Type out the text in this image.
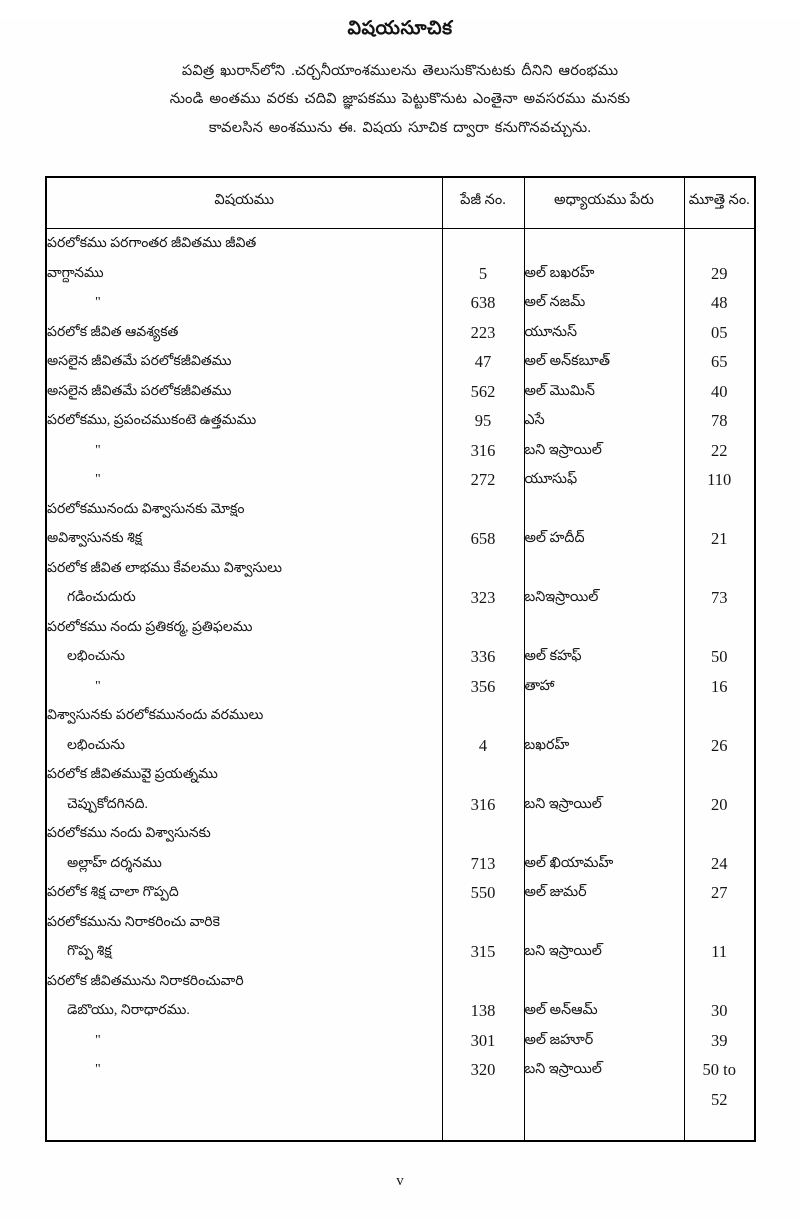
విషయసూచిక
పవిత్ర ఖురాన్‌లోని .చర్చనీయాంశములను తెలుసుకొనుటకు దీనిని ఆరంభము
నుండి అంతము వరకు చదివి జ్ఞాపకము పెట్టుకొనుట ఎంతైనా అవసరము మనకు
కావలసిన అంశమును ఈ. విషయ సూచిక ద్వారా కనుగొనవచ్చును.
విషయము	పేజీ నం.	అధ్యాయము పేరు	మూత్తె నం.

పరలోకము పరగాంతర జీవితము జీవిత
వాగ్దానము	5	అల్ బఖరహ్	29

"	638	అల్ నజమ్	48

పరలోక జీవిత ఆవశ్యకత	223	యూనుస్	05

అసలైన జీవితమే పరలోకజీవితము	47	అల్ అన్‌కబూత్	65

అసలైన జీవితమే పరలోకజీవితము	562	అల్ మొమిన్	40

పరలోకము, ప్రపంచముకంటె ఉత్తమము	95	ఎసే	78

"	316	బని ఇస్రాయిల్	22

"	272	యూసుఫ్	110

పరలోకమునందు విశ్వాసునకు మోక్షం
అవిశ్వాసునకు శిక్ష	658	అల్ హదీద్	21

పరలోక జీవిత లాభము కేవలము విశ్వాసులు
గడించుదురు	323	బనిఇస్రాయిల్	73

పరలోకము నందు ప్రతికర్మ, ప్రతిఫలము
లభించును	336	అల్ కహఫ్	50

"	356	తాహా	16

విశ్వాసునకు పరలోకమునందు వరములు
లభించును	4	బఖరహ్	26

పరలోక జీవితముపైె ప్రయత్నము
చెప్పుకోదగినది.	316	బని ఇస్రాయిల్	20

పరలోకము నందు విశ్వాసునకు
అల్లాహ్ దర్శనము	713	అల్ ఖియామహ్	24

పరలోక శిక్ష చాలా గొప్పది	550	అల్ జుమర్	27

పరలోకమును నిరాకరించు వారికె
గొప్ప శిక్ష	315	బని ఇస్రాయిల్	11

పరలోక జీవితమును నిరాకరించువారి
డెబొయు, నిరాధారము.	138	అల్ అన్ఆమ్	30

"	301	అల్ జహూర్	39

"	320	బని ఇస్రాయిల్	50 to
52

v
